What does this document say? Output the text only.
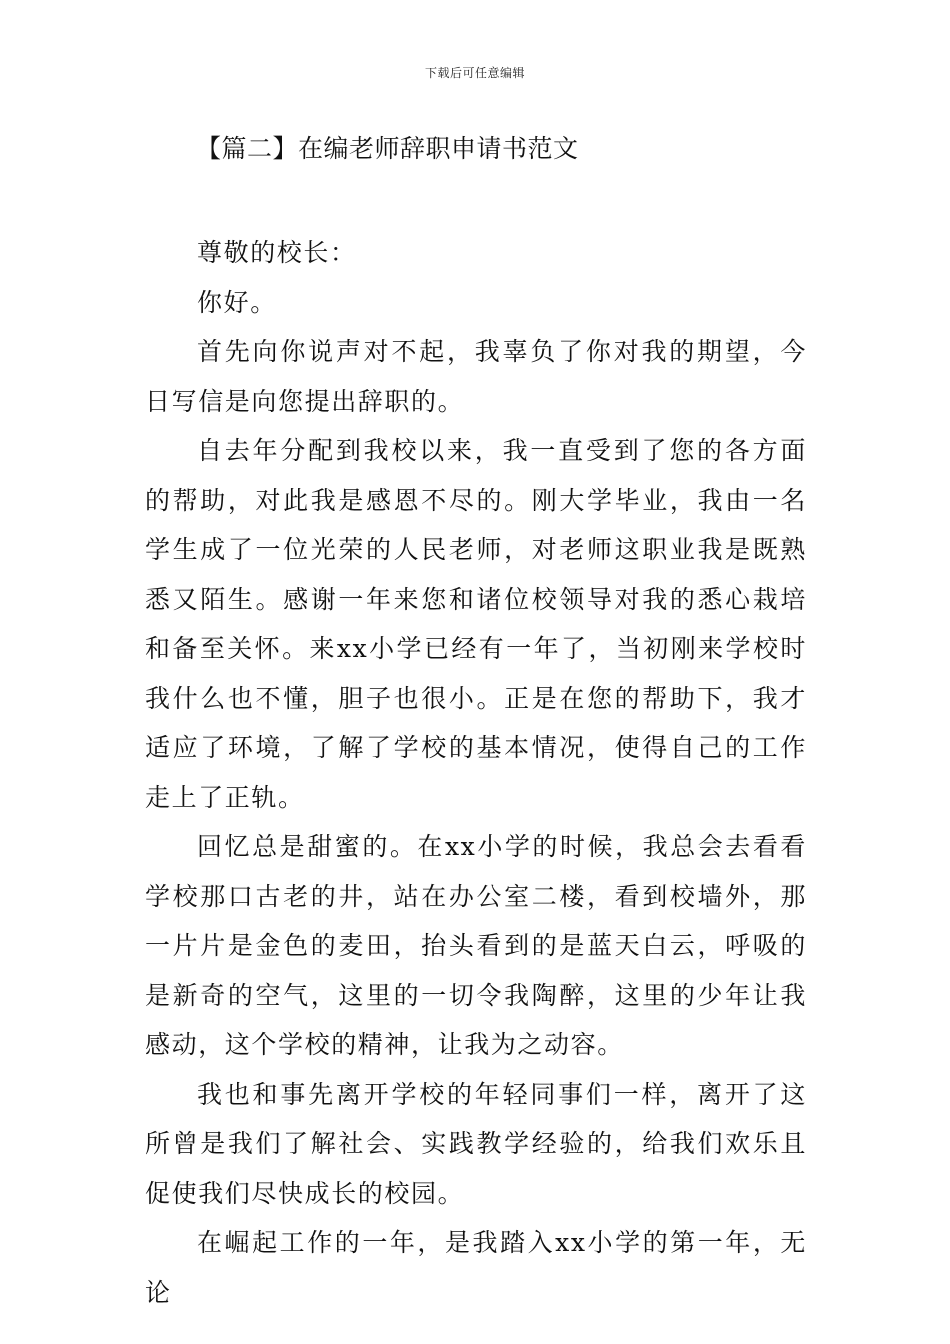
下载后可任意编辑
【篇二】在编老师辞职申请书范文

尊敬的校长：

你好。

首先向你说声对不起，我辜负了你对我的期望，今日写信是向您提出辞职的。

自去年分配到我校以来，我一直受到了您的各方面的帮助，对此我是感恩不尽的。刚大学毕业，我由一名学生成了一位光荣的人民老师，对老师这职业我是既熟悉又陌生。感谢一年来您和诸位校领导对我的悉心栽培和备至关怀。来xx小学已经有一年了，当初刚来学校时我什么也不懂，胆子也很小。正是在您的帮助下，我才适应了环境，了解了学校的基本情况，使得自己的工作走上了正轨。

回忆总是甜蜜的。在xx小学的时候，我总会去看看学校那口古老的井，站在办公室二楼，看到校墙外，那一片片是金色的麦田，抬头看到的是蓝天白云，呼吸的是新奇的空气，这里的一切令我陶醉，这里的少年让我感动，这个学校的精神，让我为之动容。

我也和事先离开学校的年轻同事们一样，离开了这所曾是我们了解社会、实践教学经验的，给我们欢乐且促使我们尽快成长的校园。

在崛起工作的一年，是我踏入xx小学的第一年，无论
